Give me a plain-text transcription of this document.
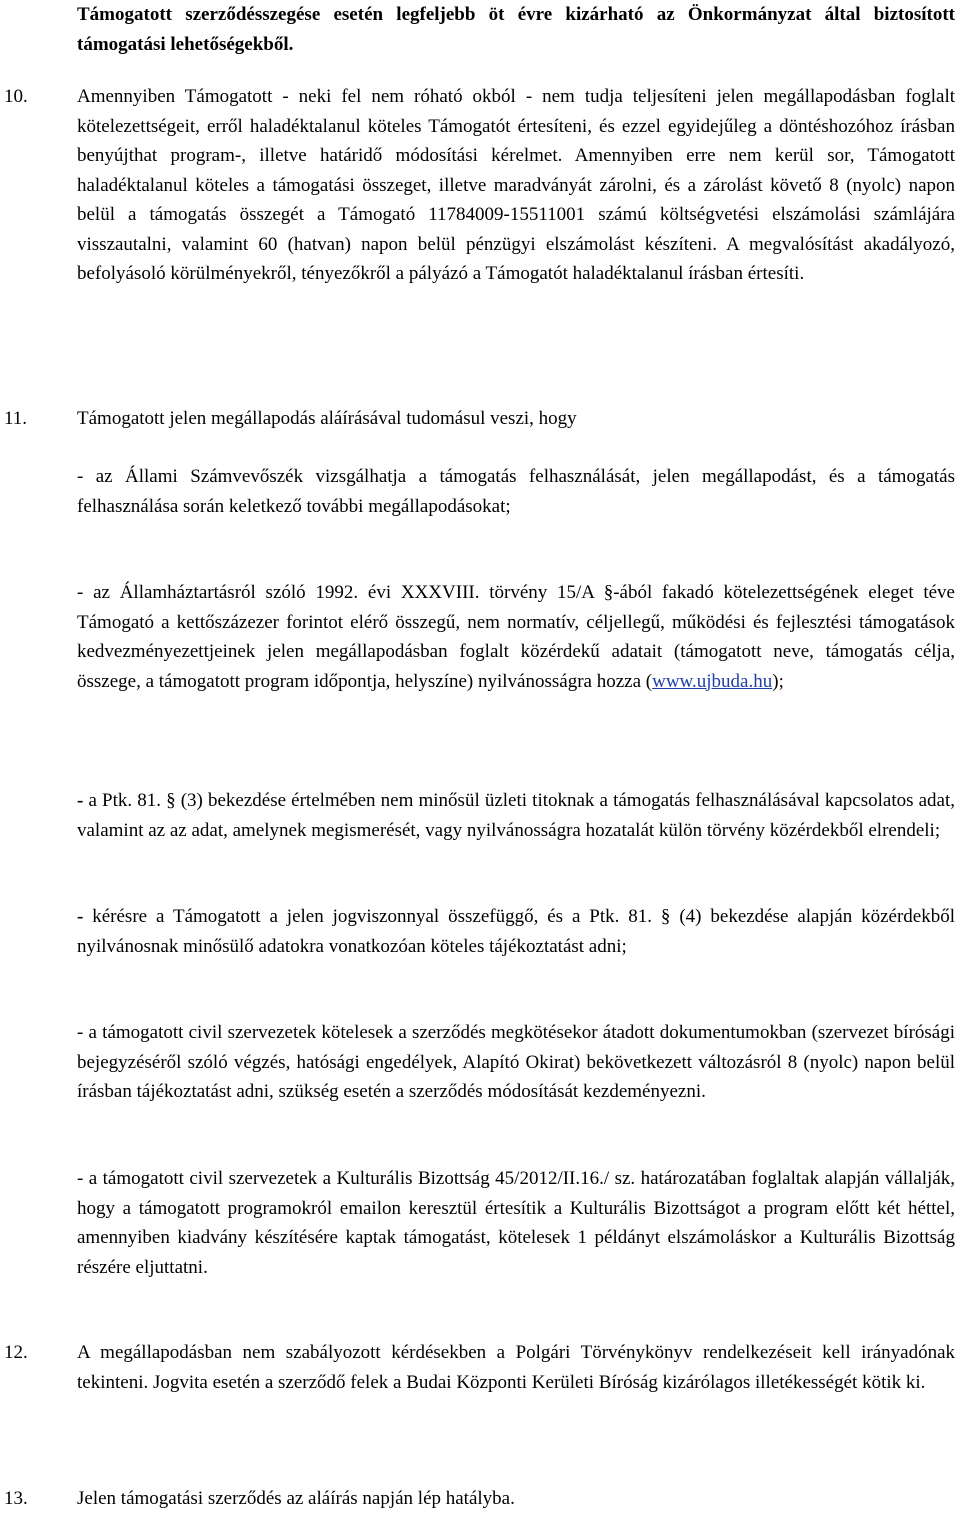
Támogatott szerződésszegése esetén legfeljebb öt évre kizárható az Önkormányzat által biztosított támogatási lehetőségekből.
10.	Amennyiben Támogatott - neki fel nem róható okból - nem tudja teljesíteni jelen megállapodásban foglalt kötelezettségeit, erről haladéktalanul köteles Támogatót értesíteni, és ezzel egyidejűleg a döntéshozóhoz írásban benyújthat program-, illetve határidő módosítási kérelmet. Amennyiben erre nem kerül sor, Támogatott haladéktalanul köteles a támogatási összeget, illetve maradványát zárolni, és a zárolást követő 8 (nyolc) napon belül a támogatás összegét a Támogató 11784009-15511001 számú költségvetési elszámolási számlájára visszautalni, valamint 60 (hatvan) napon belül pénzügyi elszámolást készíteni. A megvalósítást akadályozó, befolyásoló körülményekről, tényezőkről a pályázó a Támogatót haladéktalanul írásban értesíti.
11.	Támogatott jelen megállapodás aláírásával tudomásul veszi, hogy
- az Állami Számvevőszék vizsgálhatja a támogatás felhasználását, jelen megállapodást, és a támogatás felhasználása során keletkező további megállapodásokat;
- az Államháztartásról szóló 1992. évi XXXVIII. törvény 15/A §-ából fakadó kötelezettségének eleget téve Támogató a kettőszázezer forintot elérő összegű, nem normatív, céljellegű, működési és fejlesztési támogatások kedvezményezettjeinek jelen megállapodásban foglalt közérdekű adatait (támogatott neve, támogatás célja, összege, a támogatott program időpontja, helyszíne) nyilvánosságra hozza (www.ujbuda.hu);
- a Ptk. 81. § (3) bekezdése értelmében nem minősül üzleti titoknak a támogatás felhasználásával kapcsolatos adat, valamint az az adat, amelynek megismerését, vagy nyilvánosságra hozatalát külön törvény közérdekből elrendeli;
- kérésre a Támogatott a jelen jogviszonnyal összefüggő, és a Ptk. 81. § (4) bekezdése alapján közérdekből nyilvánosnak minősülő adatokra vonatkozóan köteles tájékoztatást adni;
- a támogatott civil szervezetek kötelesek a szerződés megkötésekor átadott dokumentumokban (szervezet bírósági bejegyzéséről szóló végzés, hatósági engedélyek, Alapító Okirat) bekövetkezett változásról 8 (nyolc) napon belül írásban tájékoztatást adni, szükség esetén a szerződés módosítását kezdeményezni.
- a támogatott civil szervezetek a Kulturális Bizottság 45/2012/II.16./ sz. határozatában foglaltak alapján vállalják, hogy a támogatott programokról emailon keresztül értesítik a Kulturális Bizottságot a program előtt két héttel, amennyiben kiadvány készítésére kaptak támogatást, kötelesek 1 példányt elszámoláskor a Kulturális Bizottság részére eljuttatni.
12.	A megállapodásban nem szabályozott kérdésekben a Polgári Törvénykönyv rendelkezéseit kell irányadónak tekinteni. Jogvita esetén a szerződő felek a Budai Központi Kerületi Bíróság kizárólagos illetékességét kötik ki.
13.	Jelen támogatási szerződés az aláírás napján lép hatályba.
